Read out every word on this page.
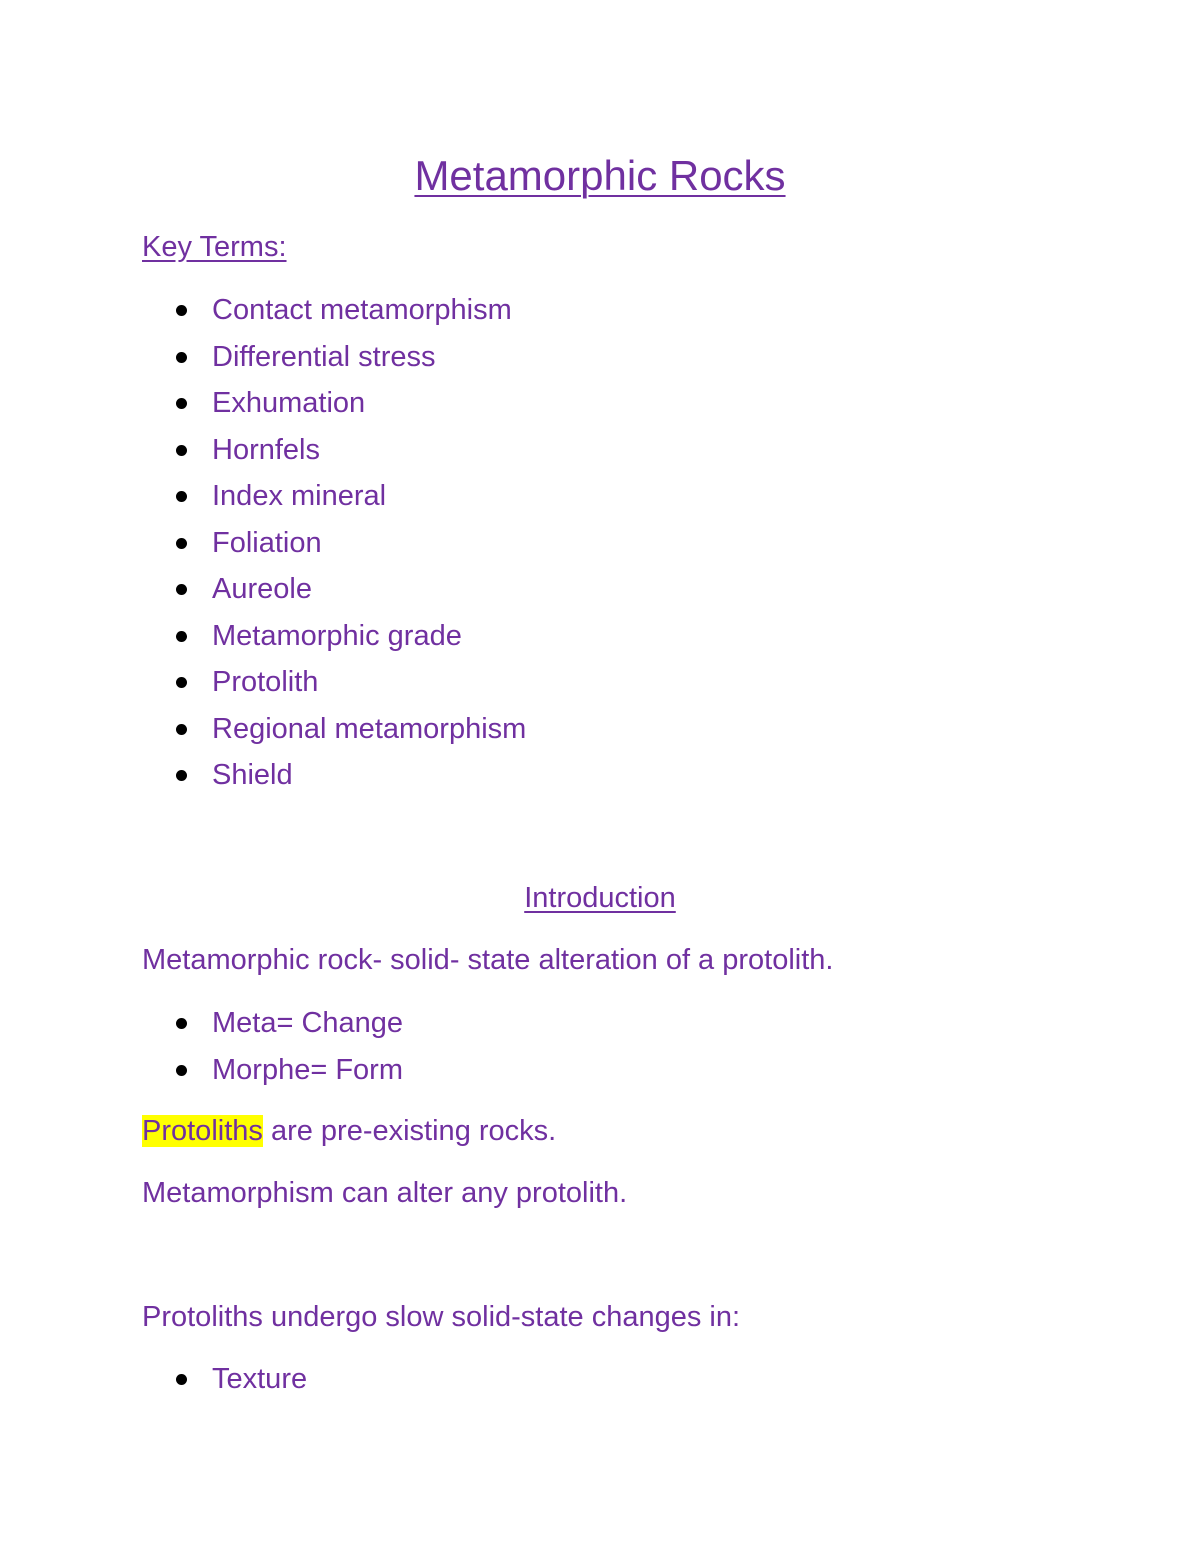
Metamorphic Rocks
Key Terms:
Contact metamorphism
Differential stress
Exhumation
Hornfels
Index mineral
Foliation
Aureole
Metamorphic grade
Protolith
Regional metamorphism
Shield
Introduction
Metamorphic rock- solid- state alteration of a protolith.
Meta= Change
Morphe= Form
Protoliths are pre-existing rocks.
Metamorphism can alter any protolith.
Protoliths undergo slow solid-state changes in:
Texture
